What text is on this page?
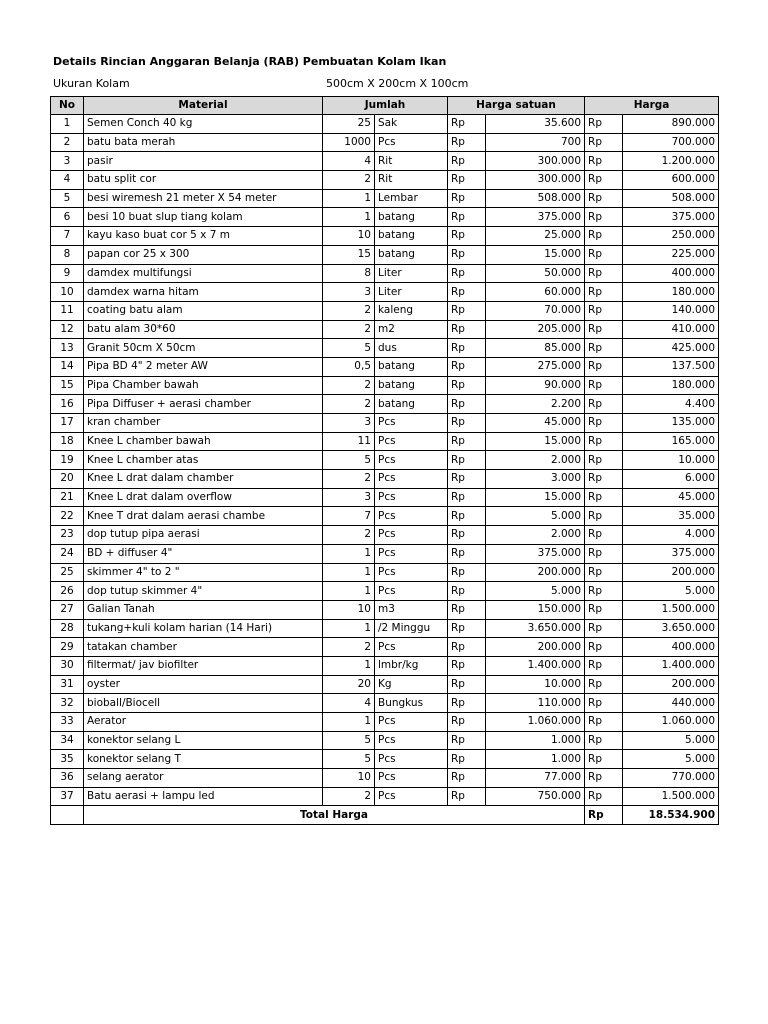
Details Rincian Anggaran Belanja (RAB) Pembuatan Kolam Ikan
Ukuran Kolam	500cm X 200cm X 100cm
No	Material	Jumlah		Harga satuan		Harga	
1	Semen Conch 40 kg	25	Sak	Rp	35.600	Rp	890.000
2	batu bata merah	1000	Pcs	Rp	700	Rp	700.000
3	pasir	4	Rit	Rp	300.000	Rp	1.200.000
4	batu split cor	2	Rit	Rp	300.000	Rp	600.000
5	besi wiremesh 21 meter X 54 meter	1	Lembar	Rp	508.000	Rp	508.000
6	besi 10 buat slup tiang kolam	1	batang	Rp	375.000	Rp	375.000
7	kayu kaso buat cor 5 x 7 m	10	batang	Rp	25.000	Rp	250.000
8	papan cor 25 x 300	15	batang	Rp	15.000	Rp	225.000
9	damdex multifungsi	8	Liter	Rp	50.000	Rp	400.000
10	damdex warna hitam	3	Liter	Rp	60.000	Rp	180.000
11	coating batu alam	2	kaleng	Rp	70.000	Rp	140.000
12	batu alam 30*60	2	m2	Rp	205.000	Rp	410.000
13	Granit 50cm X 50cm	5	dus	Rp	85.000	Rp	425.000
14	Pipa BD 4" 2 meter AW	0,5	batang	Rp	275.000	Rp	137.500
15	Pipa Chamber bawah	2	batang	Rp	90.000	Rp	180.000
16	Pipa Diffuser + aerasi chamber	2	batang	Rp	2.200	Rp	4.400
17	kran chamber	3	Pcs	Rp	45.000	Rp	135.000
18	Knee L chamber bawah	11	Pcs	Rp	15.000	Rp	165.000
19	Knee L chamber atas	5	Pcs	Rp	2.000	Rp	10.000
20	Knee L drat dalam chamber	2	Pcs	Rp	3.000	Rp	6.000
21	Knee L drat dalam overflow	3	Pcs	Rp	15.000	Rp	45.000
22	Knee T drat dalam aerasi chambe	7	Pcs	Rp	5.000	Rp	35.000
23	dop tutup pipa aerasi	2	Pcs	Rp	2.000	Rp	4.000
24	BD + diffuser 4"	1	Pcs	Rp	375.000	Rp	375.000
25	skimmer 4" to 2 "	1	Pcs	Rp	200.000	Rp	200.000
26	dop tutup skimmer 4"	1	Pcs	Rp	5.000	Rp	5.000
27	Galian Tanah	10	m3	Rp	150.000	Rp	1.500.000
28	tukang+kuli kolam harian (14 Hari)	1	/2 Minggu	Rp	3.650.000	Rp	3.650.000
29	tatakan chamber	2	Pcs	Rp	200.000	Rp	400.000
30	filtermat/ jav biofilter	1	lmbr/kg	Rp	1.400.000	Rp	1.400.000
31	oyster	20	Kg	Rp	10.000	Rp	200.000
32	bioball/Biocell	4	Bungkus	Rp	110.000	Rp	440.000
33	Aerator	1	Pcs	Rp	1.060.000	Rp	1.060.000
34	konektor selang L	5	Pcs	Rp	1.000	Rp	5.000
35	konektor selang T	5	Pcs	Rp	1.000	Rp	5.000
36	selang aerator	10	Pcs	Rp	77.000	Rp	770.000
37	Batu aerasi + lampu led	2	Pcs	Rp	750.000	Rp	1.500.000
	Total Harga					Rp	18.534.900
